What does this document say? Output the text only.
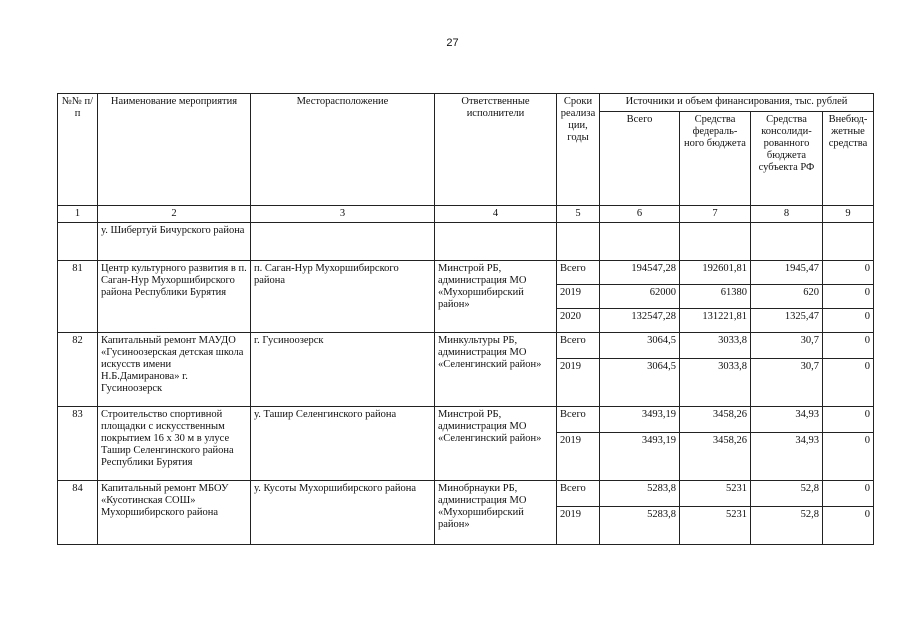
27
№№ п/п	Наименование мероприятия	Месторасположение	Ответственные исполнители	Сроки реализа ции, годы	Источники и объем финансирования, тыс. рублей			
					Всего	Средства федераль-ного бюджета	Средства консолиди-рованного бюджета субъекта РФ	Внебюд-жетные средства
1	2	3	4	5	6	7	8	9
	у. Шибертуй Бичурского района							
81	Центр культурного развития в п. Саган-Нур Мухоршибирского района Республики Бурятия	п. Саган-Нур Мухоршибирского района	Минстрой РБ, администрация МО «Мухоршибирский район»	Всего	194547,28	192601,81	1945,47	0
				2019	62000	61380	620	0
				2020	132547,28	131221,81	1325,47	0
82	Капитальный ремонт МАУДО «Гусиноозерская детская школа искусств имени Н.Б.Дамиранова» г. Гусиноозерск	г. Гусиноозерск	Минкультуры РБ, администрация МО «Селенгинский район»	Всего	3064,5	3033,8	30,7	0
				2019	3064,5	3033,8	30,7	0
83	Строительство спортивной площадки с искусственным покрытием 16 х 30 м в улусе Ташир Селенгинского района Республики Бурятия	у. Ташир Селенгинского района	Минстрой РБ, администрация МО «Селенгинский район»	Всего	3493,19	3458,26	34,93	0
				2019	3493,19	3458,26	34,93	0
84	Капитальный ремонт МБОУ «Кусотинская СОШ» Мухоршибирского района	у. Кусоты Мухоршибирского района	Минобрнауки РБ, администрация МО «Мухоршибирский район»	Всего	5283,8	5231	52,8	0
				2019	5283,8	5231	52,8	0
